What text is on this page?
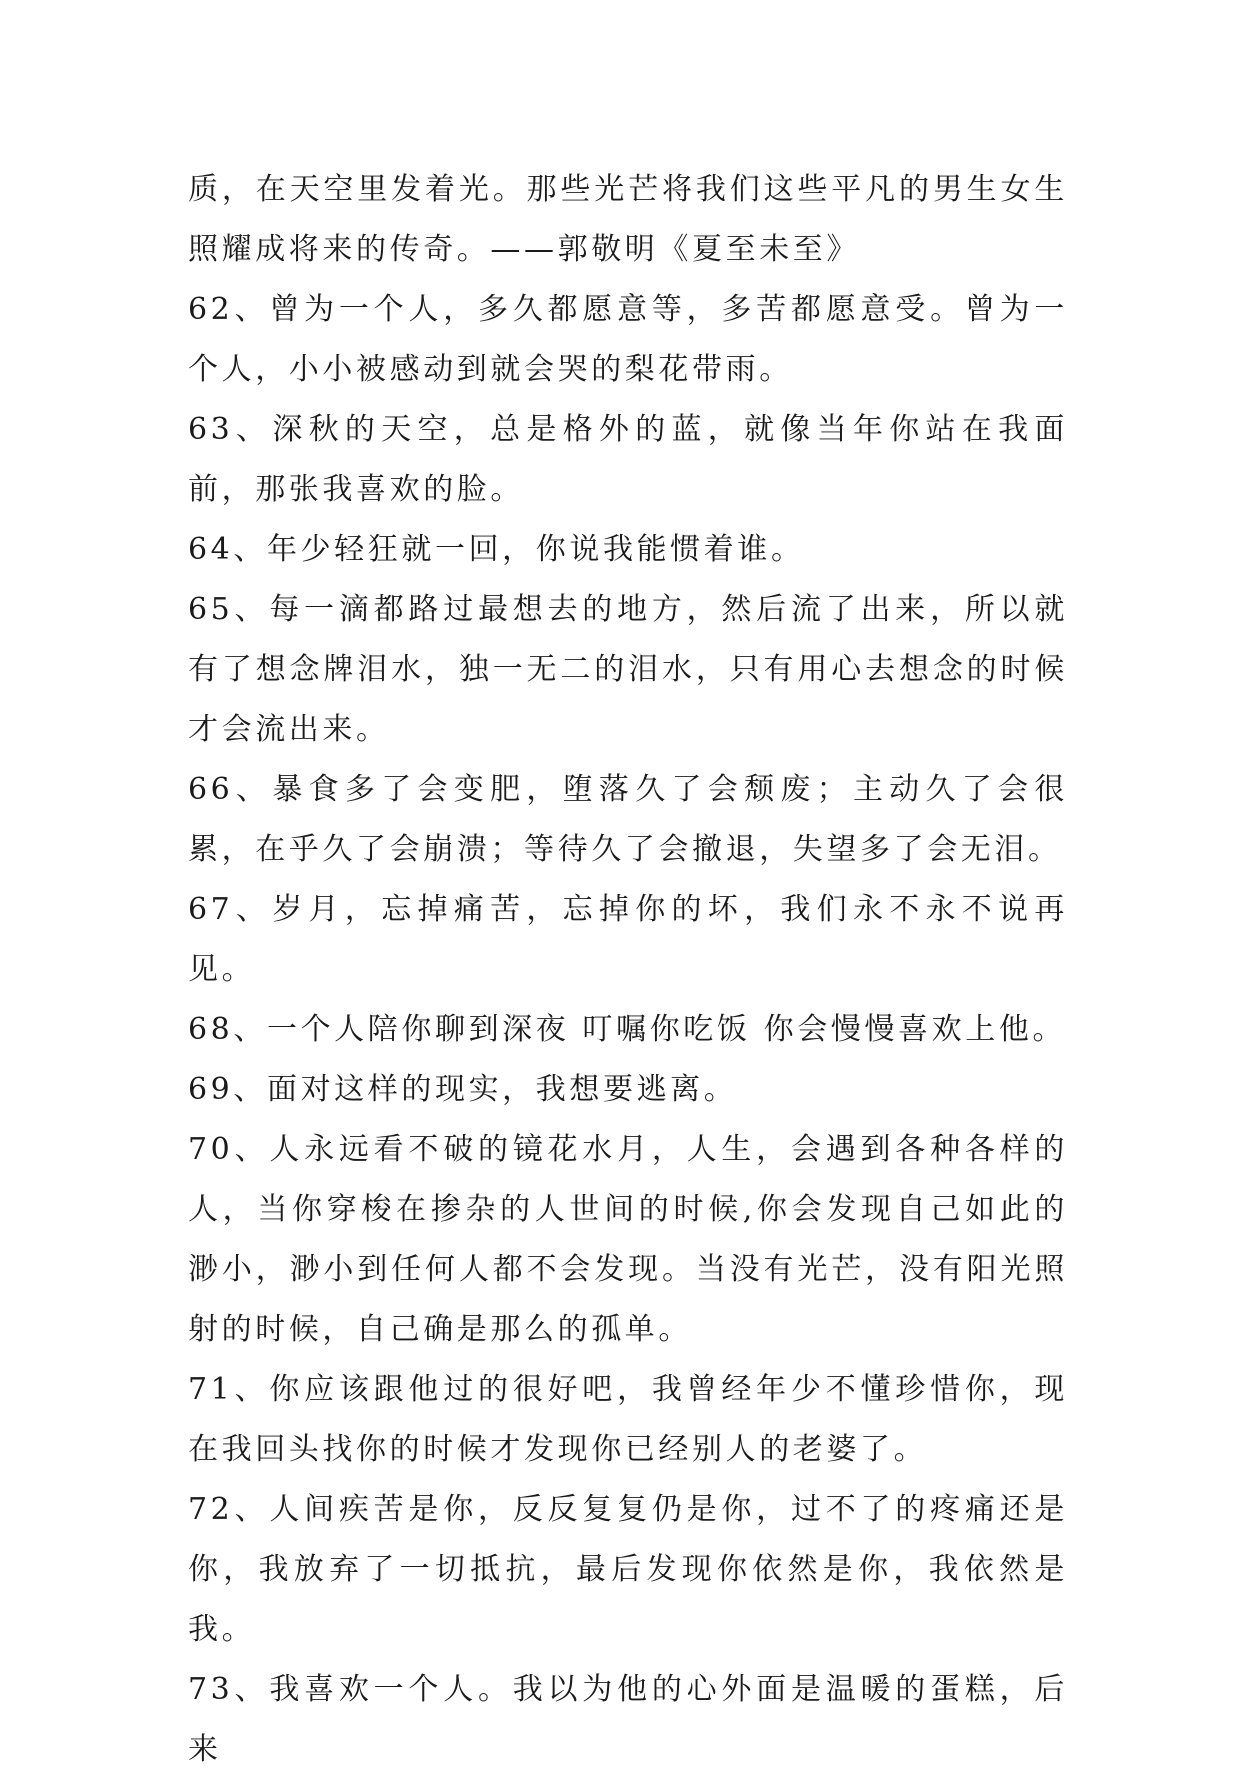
质，在天空里发着光。那些光芒将我们这些平凡的男生女生照耀成将来的传奇。——郭敬明《夏至未至》

62、曾为一个人，多久都愿意等，多苦都愿意受。曾为一个人，小小被感动到就会哭的梨花带雨。

63、深秋的天空，总是格外的蓝，就像当年你站在我面前，那张我喜欢的脸。

64、年少轻狂就一回，你说我能惯着谁。

65、每一滴都路过最想去的地方，然后流了出来，所以就有了想念牌泪水，独一无二的泪水，只有用心去想念的时候才会流出来。

66、暴食多了会变肥，堕落久了会颓废；主动久了会很累，在乎久了会崩溃；等待久了会撤退，失望多了会无泪。

67、岁月，忘掉痛苦，忘掉你的坏，我们永不永不说再见。

68、一个人陪你聊到深夜 叮嘱你吃饭 你会慢慢喜欢上他。

69、面对这样的现实，我想要逃离。

70、人永远看不破的镜花水月，人生，会遇到各种各样的人，当你穿梭在掺杂的人世间的时候,你会发现自己如此的渺小，渺小到任何人都不会发现。当没有光芒，没有阳光照射的时候，自己确是那么的孤单。

71、你应该跟他过的很好吧，我曾经年少不懂珍惜你，现在我回头找你的时候才发现你已经别人的老婆了。

72、人间疾苦是你，反反复复仍是你，过不了的疼痛还是你，我放弃了一切抵抗，最后发现你依然是你，我依然是我。

73、我喜欢一个人。我以为他的心外面是温暖的蛋糕，后来
